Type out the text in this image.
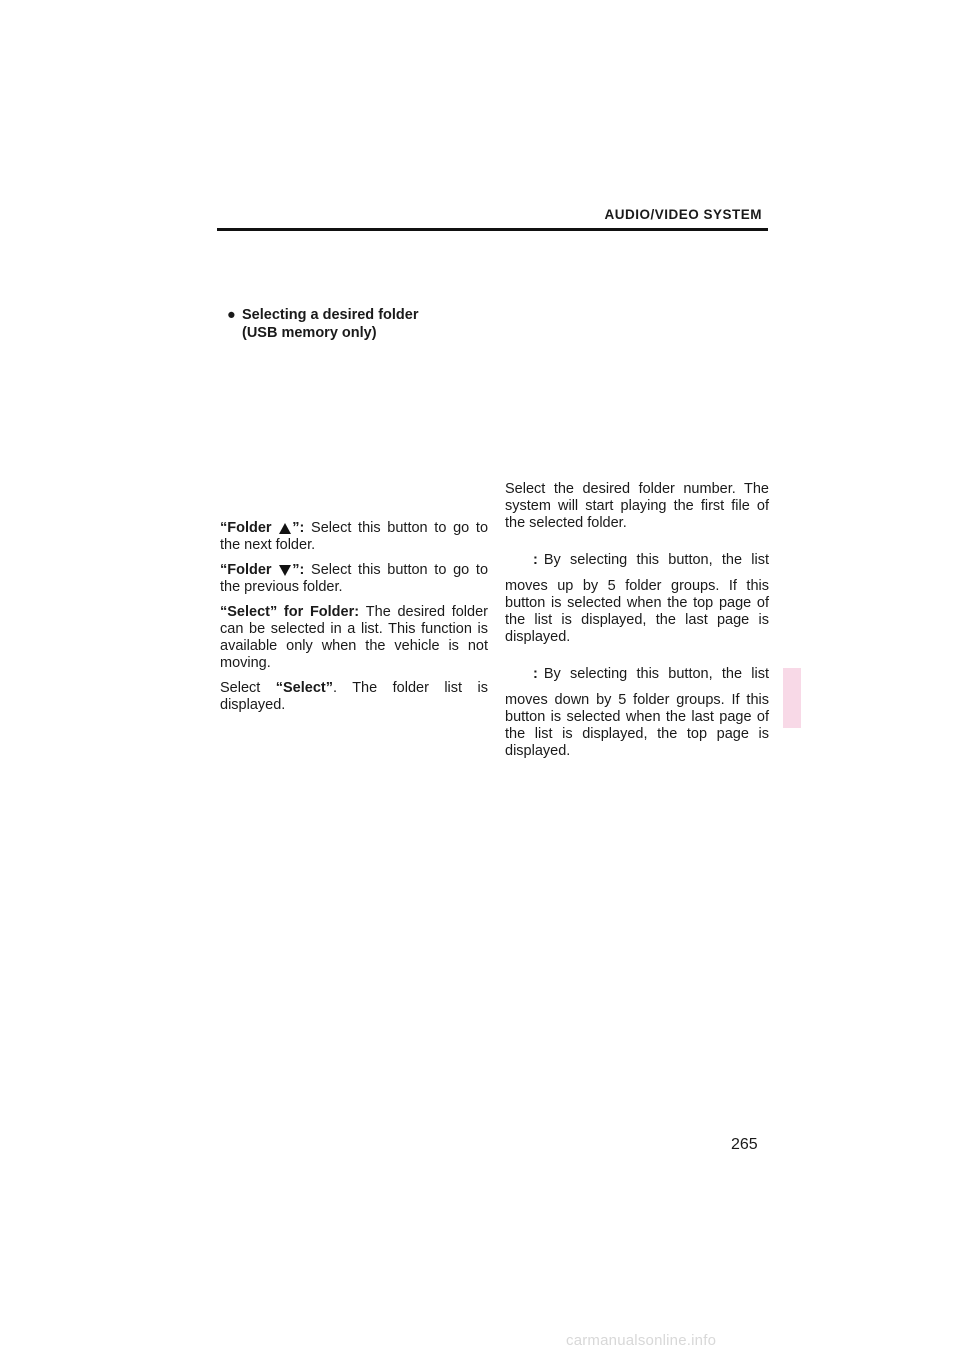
AUDIO/VIDEO SYSTEM
● Selecting a desired folder
(USB memory only)

“Folder ”: Select this button to go to the next folder.

“Folder ”: Select this button to go to the previous folder.

“Select” for Folder: The desired folder can be selected in a list. This function is available only when the vehicle is not moving.

Select “Select”. The folder list is displayed.

Select the desired folder number. The system will start playing the first file of the selected folder.

: By selecting this button, the list
moves up by 5 folder groups. If this button is selected when the top page of the list is displayed, the last page is displayed.
: By selecting this button, the list
moves down by 5 folder groups. If this button is selected when the last page of the list is displayed, the top page is displayed.
265
carmanualsonline.info
